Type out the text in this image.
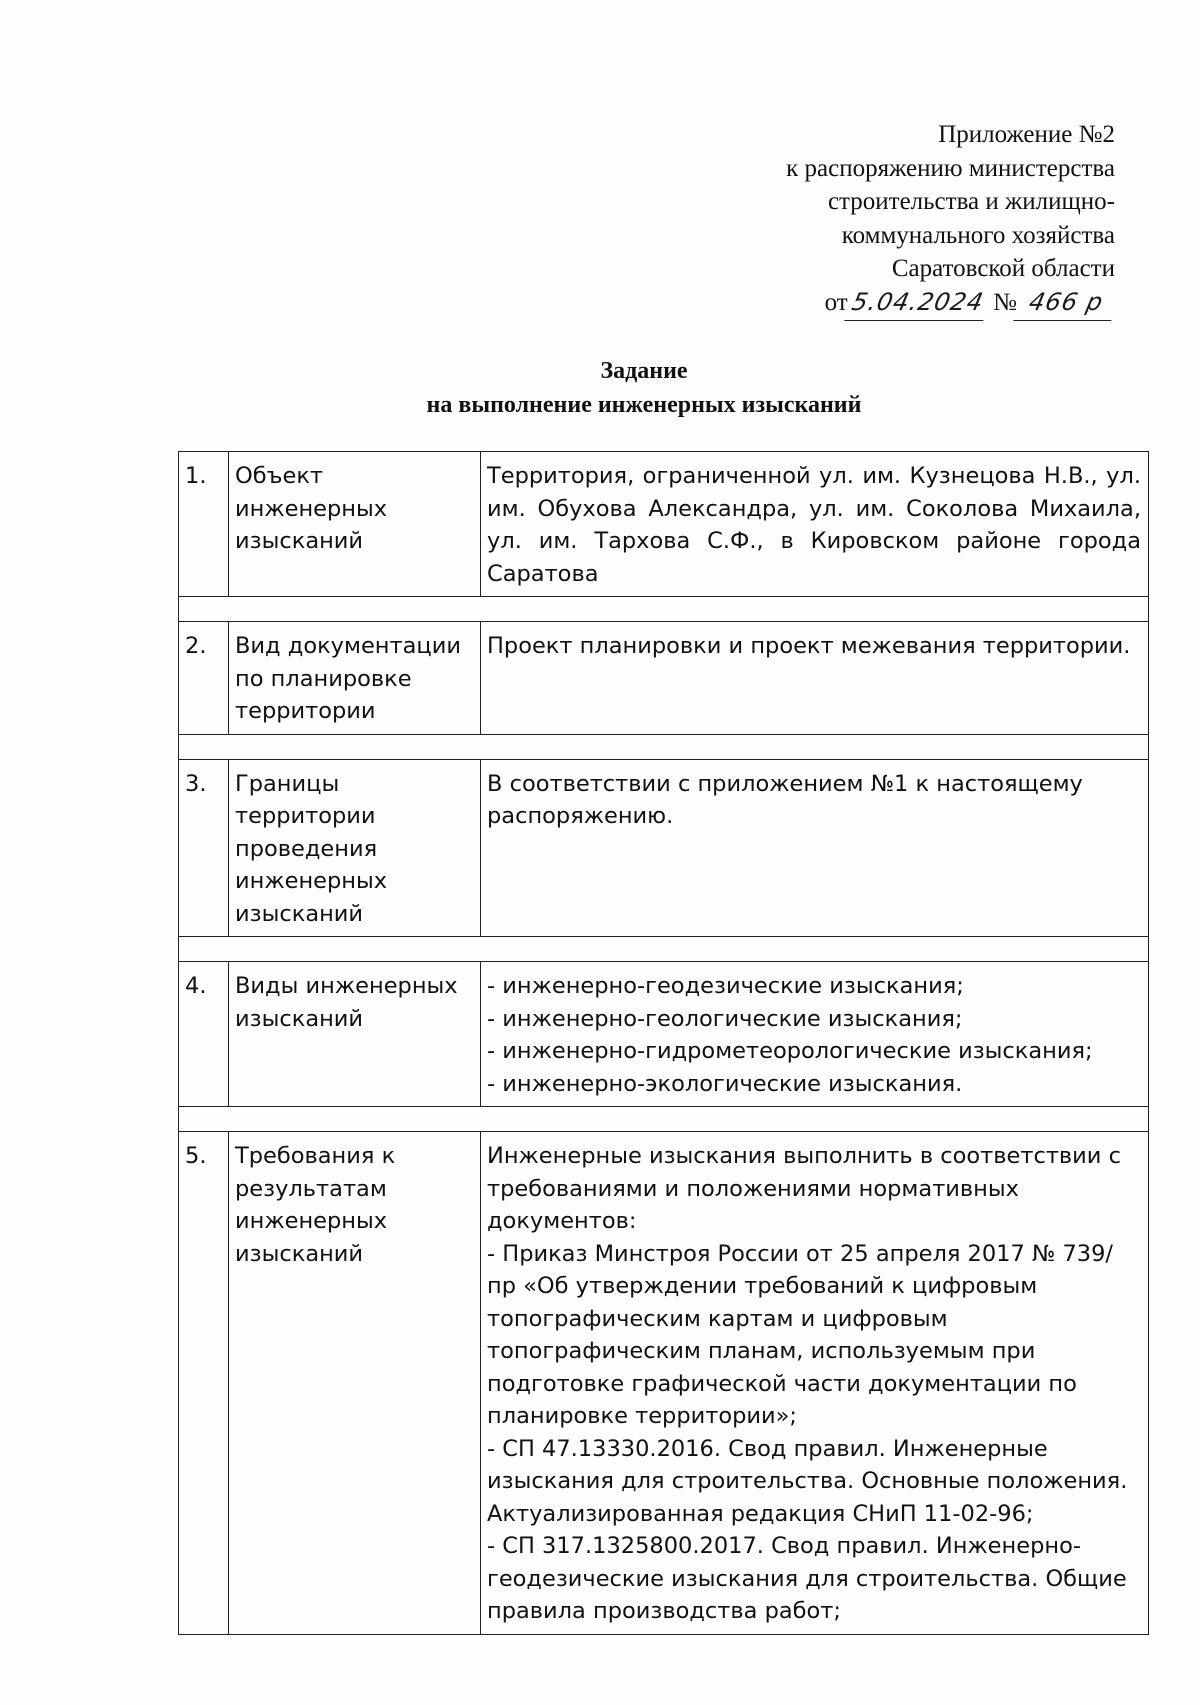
Приложение №2
к распоряжению министерства
строительства и жилищно-
коммунального хозяйства
Саратовской области
от5.04.2024 № 466 р
Задание
на выполнение инженерных изысканий
1.	Объект инженерных изысканий	Территория, ограниченной ул. им. Кузнецова Н.В., ул. им. Обухова Александра, ул. им. Соколова Михаила, ул. им. Тархова С.Ф., в Кировском районе города Саратова

2.	Вид документации по планировке территории	Проект планировки и проект межевания территории.

3.	Границы территории проведения инженерных изысканий	В соответствии с приложением №1 к настоящему распоряжению.

4.	Виды инженерных изысканий	- инженерно-геодезические изыскания;
- инженерно-геологические изыскания;
- инженерно-гидрометеорологические изыскания;
- инженерно-экологические изыскания.

5.	Требования к результатам инженерных изысканий	Инженерные изыскания выполнить в соответствии с требованиями и положениями нормативных документов:
- Приказ Минстроя России от 25 апреля 2017 № 739/пр «Об утверждении требований к цифровым топографическим картам и цифровым топографическим планам, используемым при подготовке графической части документации по планировке территории»;
- СП 47.13330.2016. Свод правил. Инженерные изыскания для строительства. Основные положения. Актуализированная редакция СНиП 11-02-96;
- СП 317.1325800.2017. Свод правил. Инженерно-геодезические изыскания для строительства. Общие правила производства работ;
